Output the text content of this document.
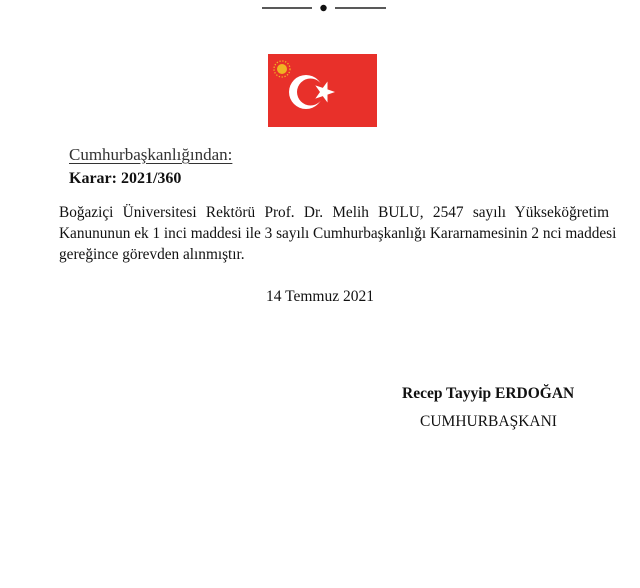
Cumhurbaşkanlığından:
Karar: 2021/360
Boğaziçi Üniversitesi Rektörü Prof. Dr. Melih BULU, 2547 sayılı Yükseköğretim
Kanununun ek 1 inci maddesi ile 3 sayılı Cumhurbaşkanlığı Kararnamesinin 2 nci maddesi
gereğince görevden alınmıştır.
14 Temmuz 2021
Recep Tayyip ERDOĞAN
CUMHURBAŞKANI
